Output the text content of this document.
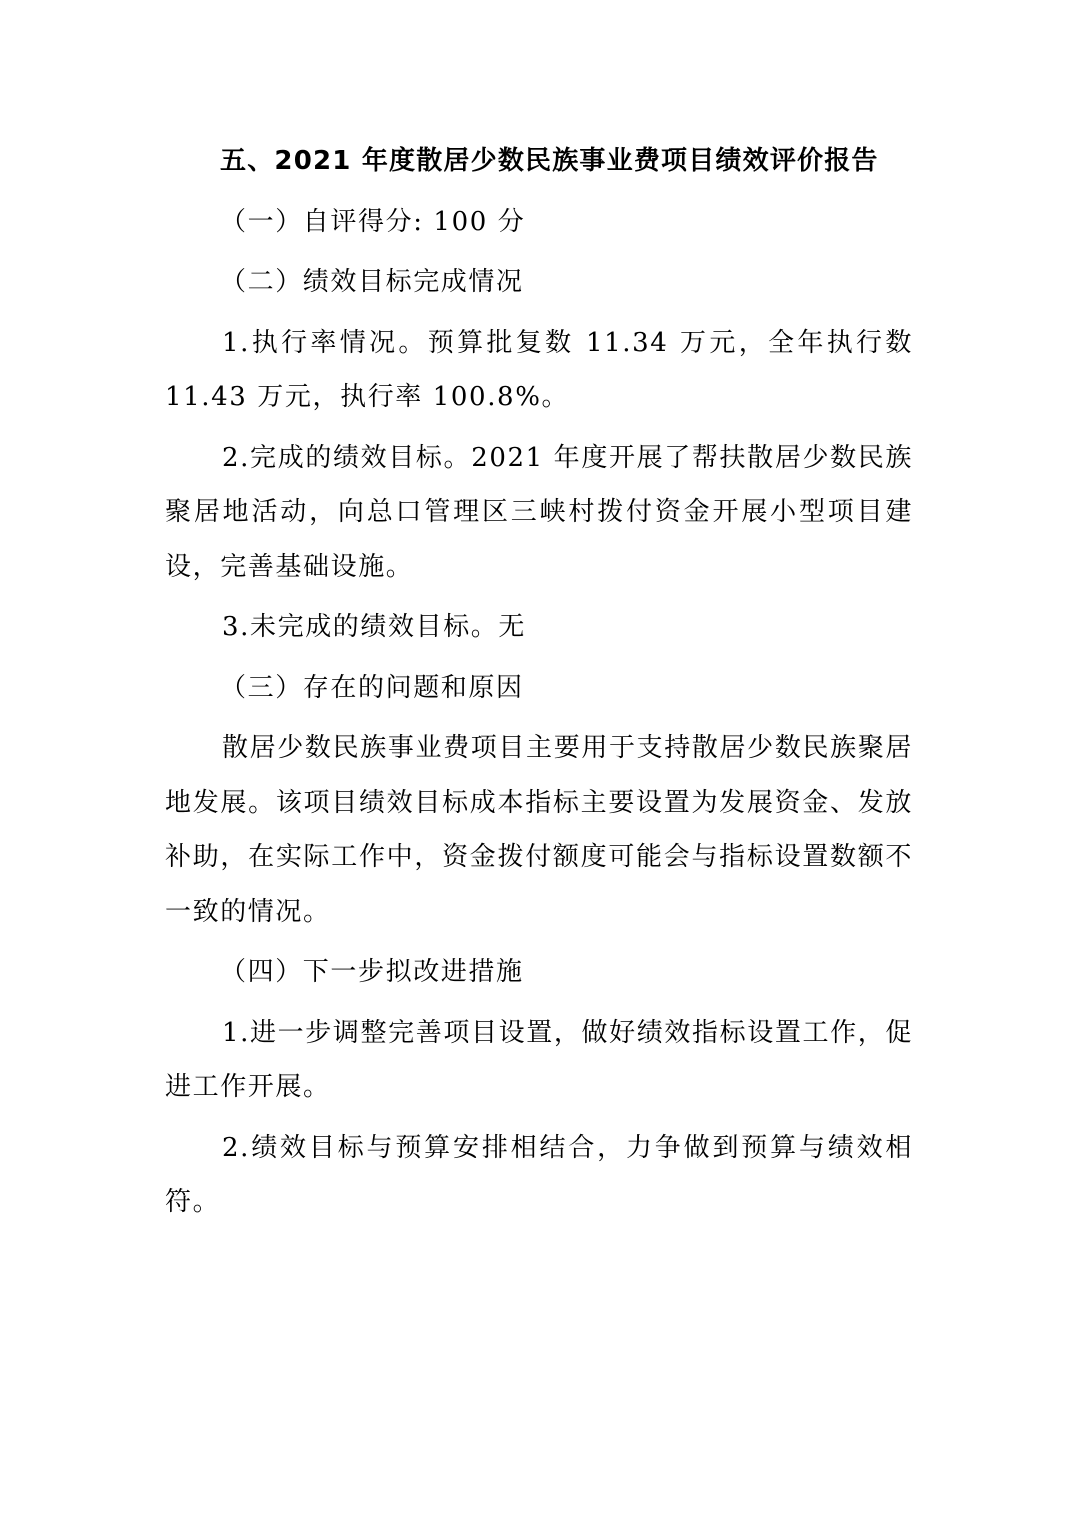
五、2021 年度散居少数民族事业费项目绩效评价报告

（一）自评得分: 100 分

（二）绩效目标完成情况

1.执行率情况。预算批复数 11.34 万元，全年执行数 11.43 万元，执行率 100.8%。

2.完成的绩效目标。2021 年度开展了帮扶散居少数民族聚居地活动，向总口管理区三峡村拨付资金开展小型项目建设，完善基础设施。

3.未完成的绩效目标。无

（三）存在的问题和原因

散居少数民族事业费项目主要用于支持散居少数民族聚居地发展。该项目绩效目标成本指标主要设置为发展资金、发放补助，在实际工作中，资金拨付额度可能会与指标设置数额不一致的情况。

（四）下一步拟改进措施

1.进一步调整完善项目设置，做好绩效指标设置工作，促进工作开展。

2.绩效目标与预算安排相结合，力争做到预算与绩效相符。
